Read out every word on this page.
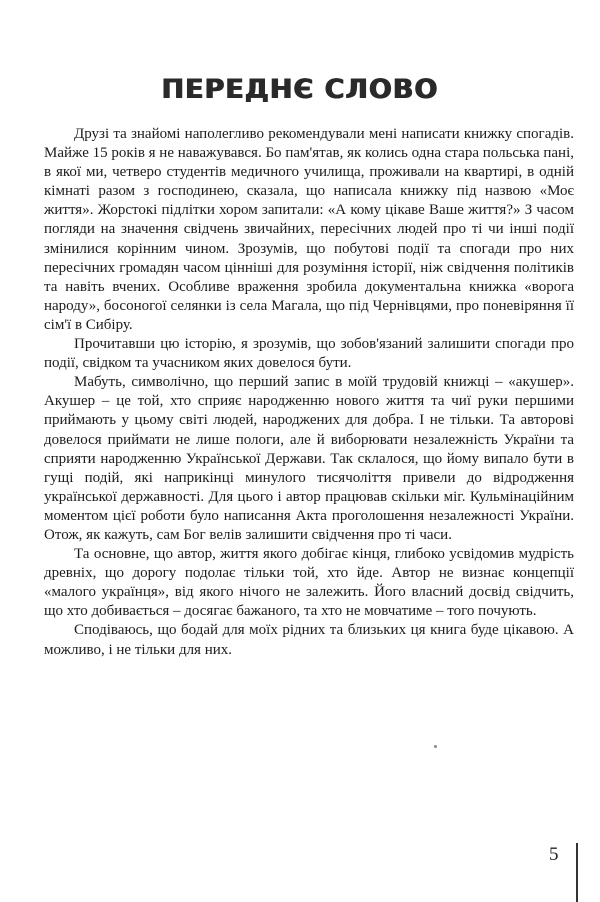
ПЕРЕДНЄ СЛОВО

Друзі та знайомі наполегливо рекомендували мені написати книжку спогадів. Майже 15 років я не наважувався. Бо пам'ятав, як колись одна стара польська пані, в якої ми, четверо студентів медичного училища, проживали на квартирі, в одній кімнаті разом з господинею, сказала, що написала книжку під назвою «Моє життя». Жорстокі підлітки хором запитали: «А кому цікаве Ваше життя?» З часом погляди на значення свідчень звичайних, пересічних людей про ті чи інші події змінилися корінним чином. Зрозумів, що побутові події та спогади про них пересічних громадян часом цінніші для розуміння історії, ніж свідчення політиків та навіть вчених. Особливе враження зробила документальна книжка «ворога народу», босоногої селянки із села Магала, що під Чернівцями, про поневіряння її сім'ї в Сибіру.

Прочитавши цю історію, я зрозумів, що зобов'язаний залишити спогади про події, свідком та учасником яких довелося бути.

Мабуть, символічно, що перший запис в моїй трудовій книжці – «акушер». Акушер – це той, хто сприяє народженню нового життя та чиї руки першими приймають у цьому світі людей, народжених для добра. І не тільки. Та авторові довелося приймати не лише пологи, але й виборювати незалежність України та сприяти народженню Української Держави. Так склалося, що йому випало бути в гущі подій, які наприкінці минулого тисячоліття привели до відродження української державності. Для цього і автор працював скільки міг. Кульмінаційним моментом цієї роботи було написання Акта проголошення незалежності України. Отож, як кажуть, сам Бог велів залишити свідчення про ті часи.

Та основне, що автор, життя якого добігає кінця, глибоко усвідомив мудрість древніх, що дорогу подолає тільки той, хто йде. Автор не визнає концепції «малого українця», від якого нічого не залежить. Його власний досвід свідчить, що хто добивається – досягає бажаного, та хто не мовчатиме – того почують.

Сподіваюсь, що бодай для моїх рідних та близьких ця книга буде цікавою. А можливо, і не тільки для них.

5
